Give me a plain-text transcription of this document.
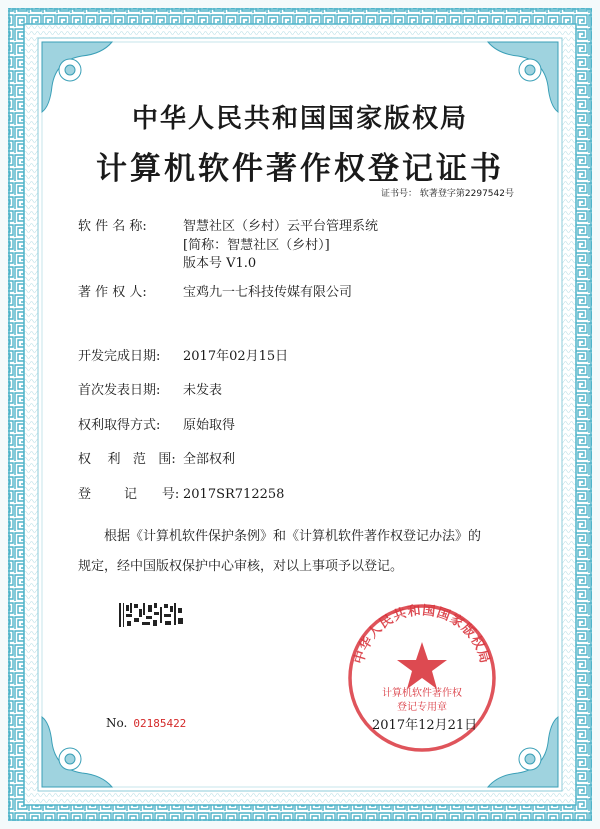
中华人民共和国国家版权局
计算机软件著作权登记证书
证书号： 软著登字第2297542号
软 件 名 称:	智慧社区（乡村）云平台管理系统
[简称：智慧社区（乡村）]
版本号 V1.0
著 作 权 人:	宝鸡九一七科技传媒有限公司
开发完成日期: 2017年02月15日
首次发表日期: 未发表
权利取得方式: 原始取得
权    利   范   围: 全部权利
登        记      号: 2017SR712258
根据《计算机软件保护条例》和《计算机软件著作权登记办法》的
规定，经中国版权保护中心审核，对以上事项予以登记。
No. 02185422
中华人民共和国国家版权局
计算机软件著作权
登记专用章
2017年12月21日
